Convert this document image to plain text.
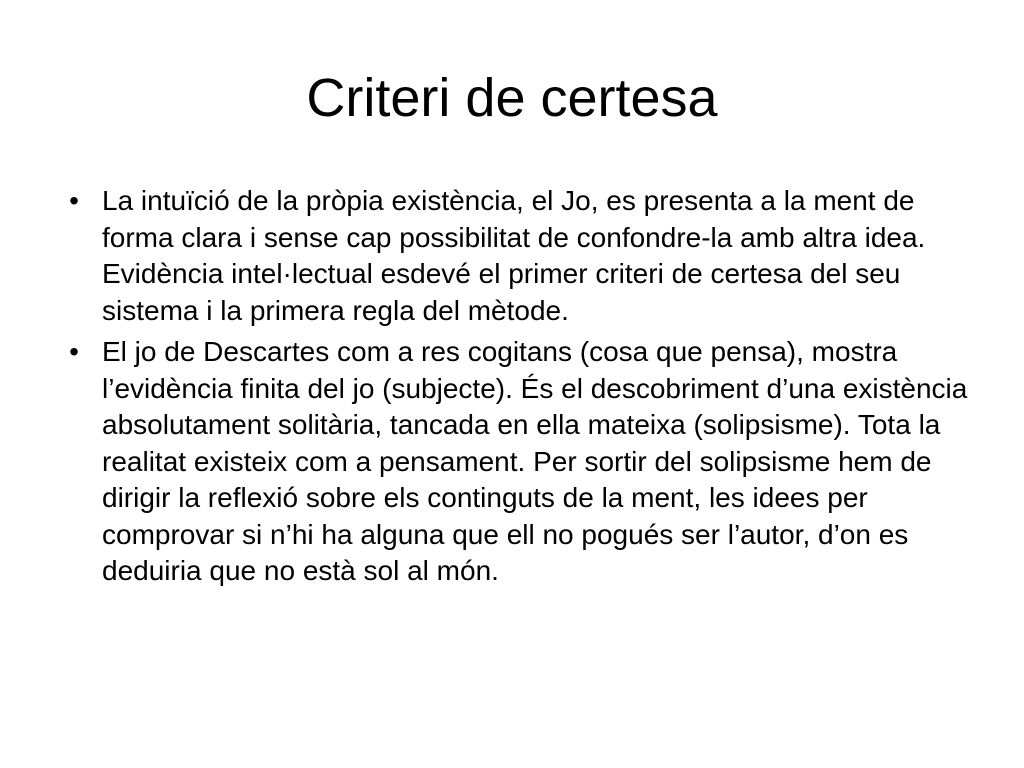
Criteri de certesa
• La intuïció de la pròpia existència, el Jo, es presenta a la ment de forma clara i sense cap possibilitat de confondre-la amb altra idea. Evidència intel·lectual esdevé el primer criteri de certesa del seu sistema i la primera regla del mètode.
• El jo de Descartes com a res cogitans (cosa que pensa), mostra l’evidència finita del jo (subjecte). És el descobriment d’una existència absolutament solitària, tancada en ella mateixa (solipsisme). Tota la realitat existeix com a pensament. Per sortir del solipsisme hem de dirigir la reflexió sobre els continguts de la ment, les idees per comprovar si n’hi ha alguna que ell no pogués ser l’autor, d’on es deduiria que no està sol al món.
